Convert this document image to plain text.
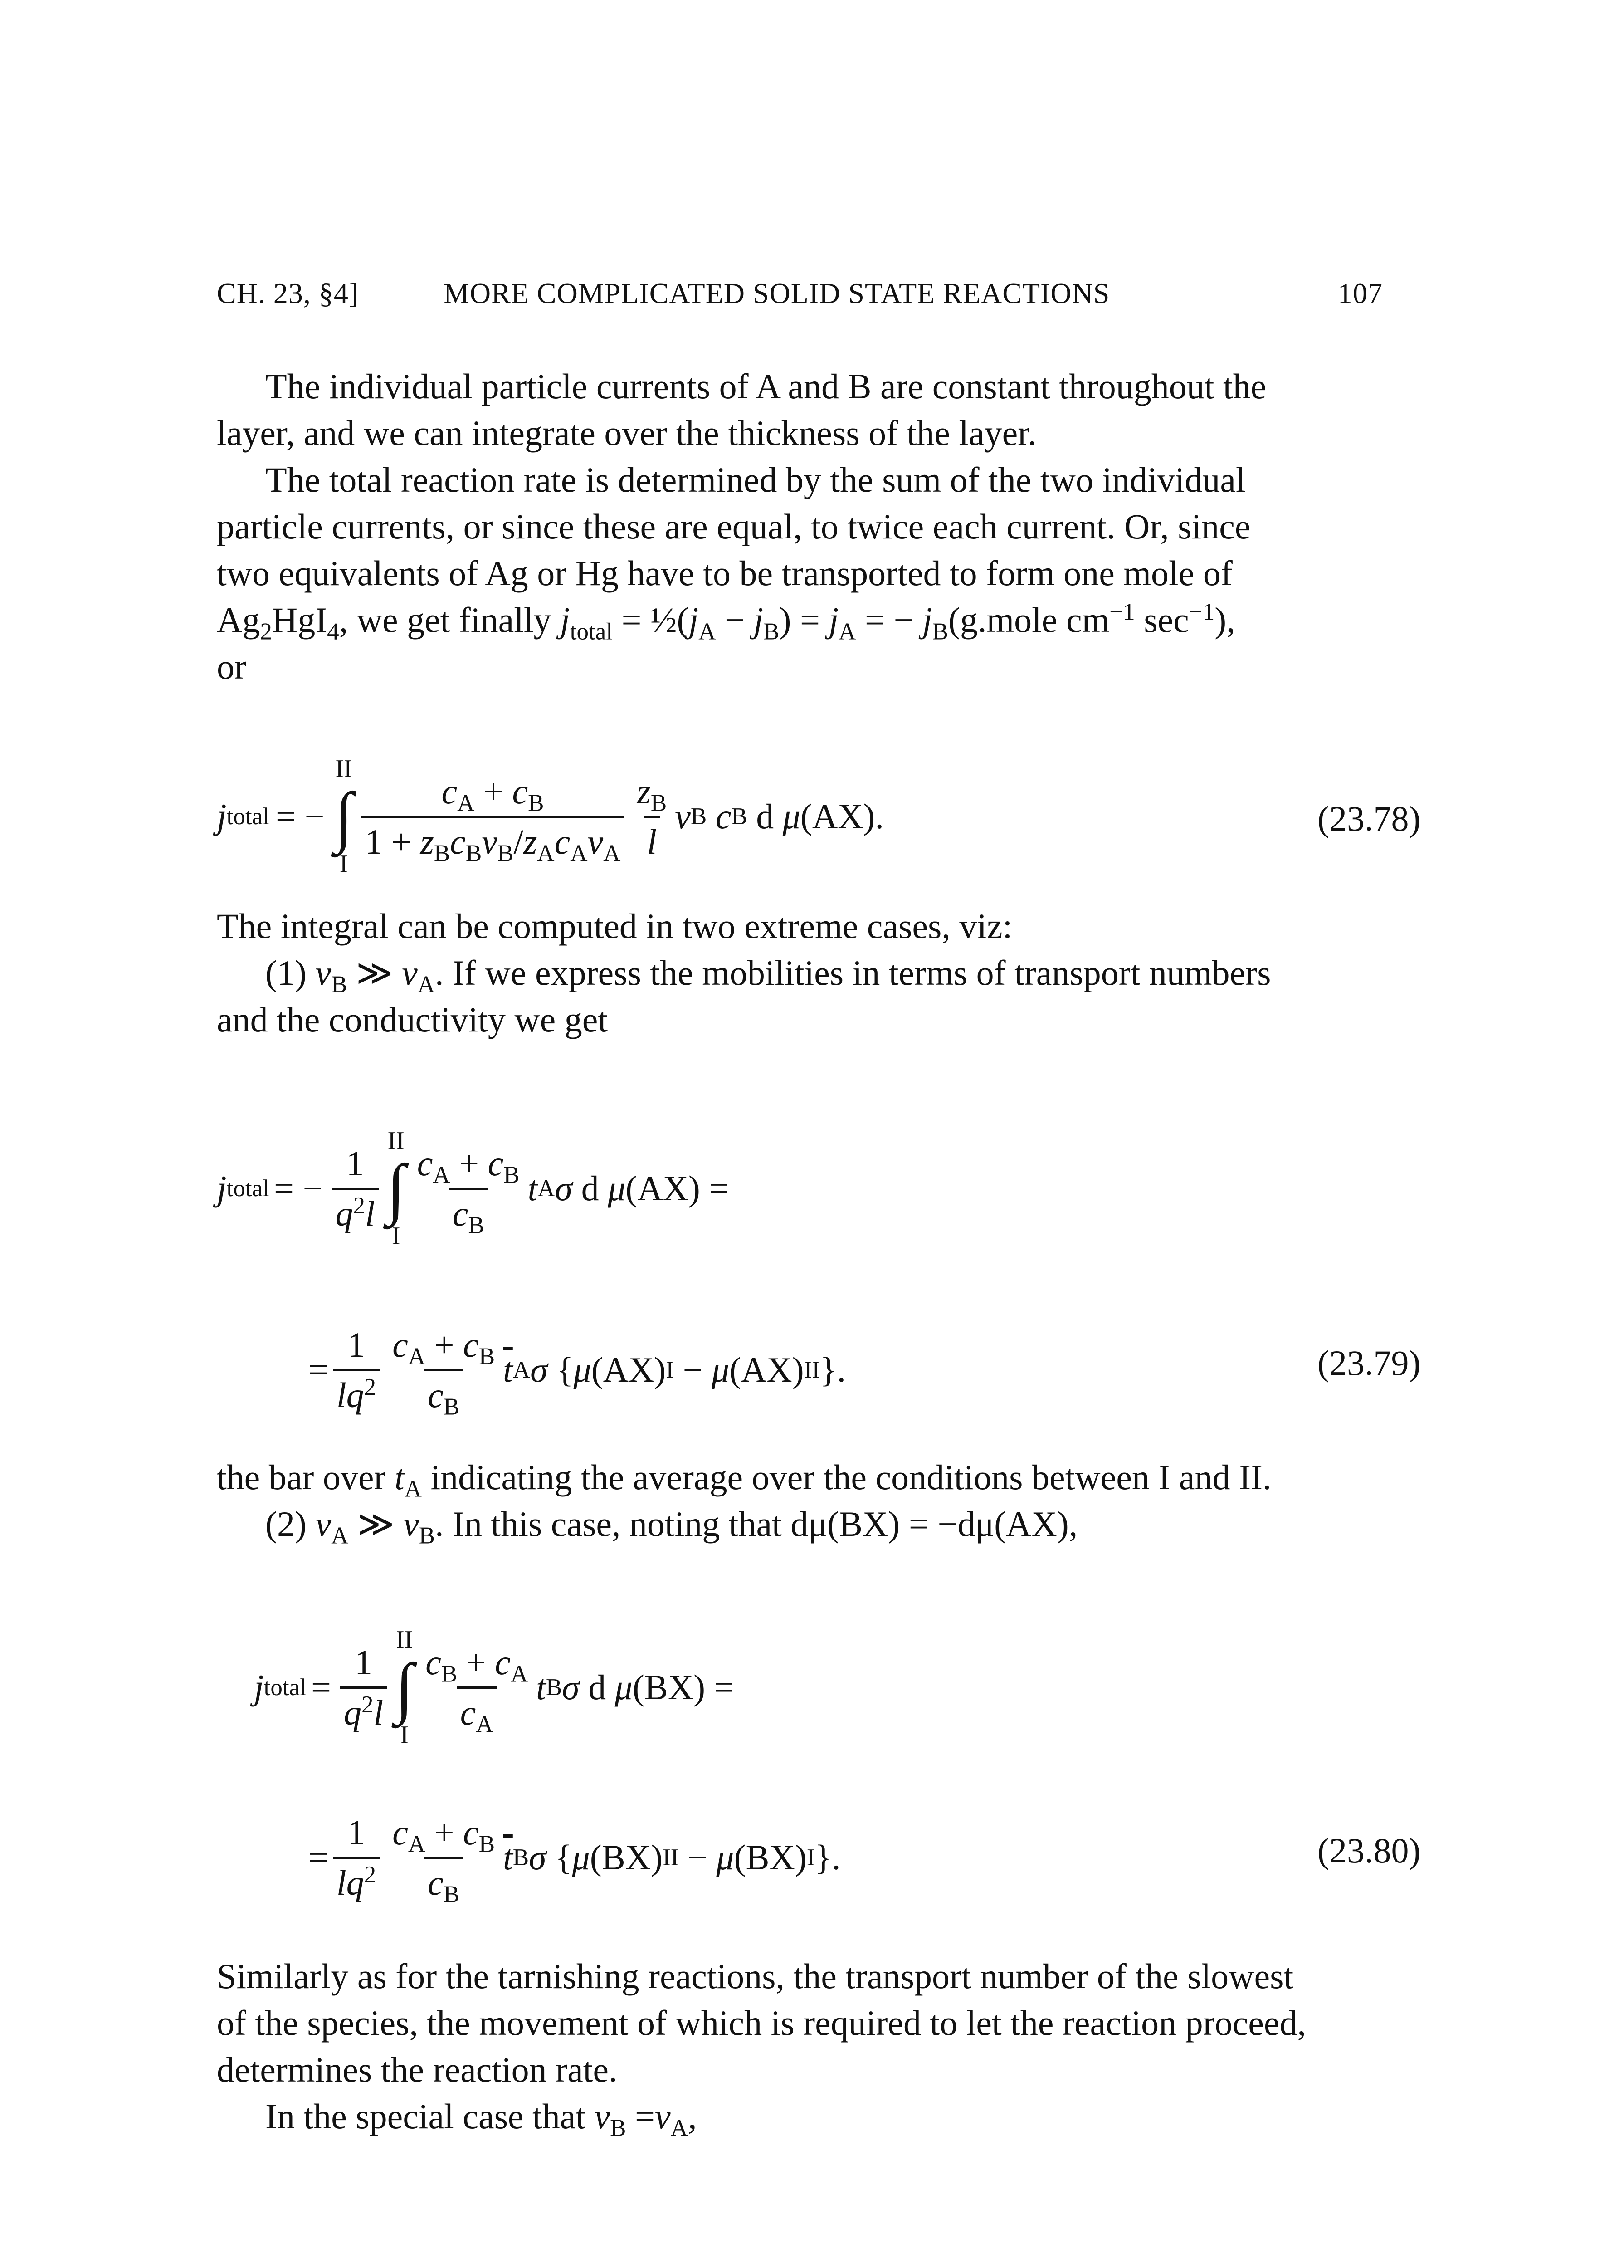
CH. 23, §4]	MORE COMPLICATED SOLID STATE REACTIONS	107
The individual particle currents of A and B are constant throughout the
layer, and we can integrate over the thickness of the layer.
The total reaction rate is determined by the sum of the two individual
particle currents, or since these are equal, to twice each current. Or, since
two equivalents of Ag or Hg have to be transported to form one mole of
$Ag_2HgI_4$, we get finally $j_{total}$ = $\frac{1}{2}(j_A - j_B) = j_A$ = − $j_B(g.mole$ $cm^{-1}$ $\sec^{-1}$),
or
j total = −
II
∫
I
$\frac{c_A + c_B}{1 + z_Bc_Bv_B/z_Ac_Av_A} \frac{z_B}{l}$ v B
c B
d
μ (AX) .	(23.78)
The integral can be computed in two extreme cases, viz:
(1) $v_B$ ≫ $v_A$. If we express the mobilities in terms of transport numbers
and the conductivity we get
j total = − $\frac{1}{q^2l}$
II
∫
I
$\frac{c_A + c_B}{c_B}$ t A σ
d
μ (AX)
=
= $\frac{1}{lq^2} \frac{c_A + c_B}{c_B} \overline{t}$ A σ
{ μ (AX) I
−
μ (AX) II } .	(23.79)
the bar over $t_A$ indicating the average over the conditions between I and II.
(2) $v_A$ ≫ $v_B$. In this case, noting that dμ(BX) = −dμ(AX),
j total = $\frac{1}{q^2l}$
II
∫
I
$\frac{c_B + c_A}{c_A}$ t B σ
d
μ (BX)
=
= $\frac{1}{lq^2} \frac{c_A + c_B}{c_B} \overline{t}$ B σ
{ μ (BX) II
−
μ (BX) I } .	(23.80)
Similarly as for the tarnishing reactions, the transport number of the slowest
of the species, the movement of which is required to let the reaction proceed,
determines the reaction rate.
In the special case that $v_B =v_A$,
